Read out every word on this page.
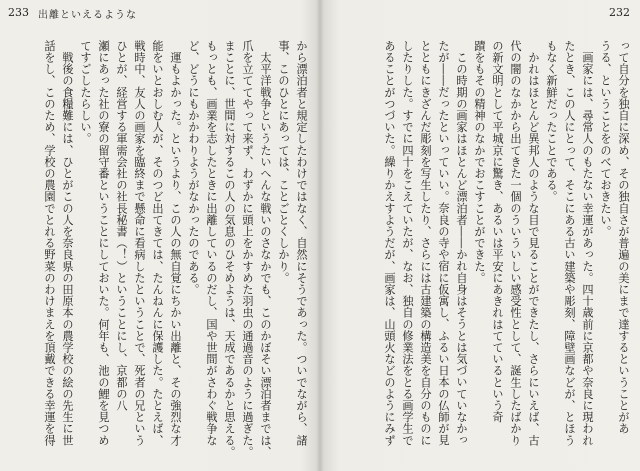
233 出離といえるような

から漂泊者と規定したわけではなく、自然にそうであった。ついでながら、諸

事、このひとにあっては、ことごとくしかり。

　太平洋戦争というたいへんな戦いのさなかでも、このかぼそい漂泊者までは、

爪を立ててやって来ず、わずかに頭上をかすめた羽虫の通過音のように過ぎた。

まことに、世間に対するこの人の気息のひそめようは、天成であるかと思える。

もっとも、画業を志したときに出離しているのだし、国や世間がさわぐ戦争な

ど、どうにもかかわりようがなかったのである。

　運もよかった。というより、この人の無自覚にちかい出離と、その強烈な才

能をいとおしむ人が、そのつど出てきては、たんねんに保護した。たとえば、

戦時中、友人の画家を臨終まで懸命に看病したということで、死者の兄という

ひとが、経営する軍需会社の社長秘書（！）ということにし、京都の八

瀬にあった社の寮の留守番ということにしておいた。何年も、池の鯉を見つめ

てすごしたらしい。

　戦後の食糧難には、ひとがこの人を奈良県の田原本の農学校の絵の先生に世

話をし、このため、学校の農園でとれる野菜のわけまえを頂戴できる幸運を得

232

って自分を独自に深め、その独自さが普遍の美にまで達するということがあ

うる、ということをのべておきたい。

　画家には、尋常人のもたない幸運があった。四十歳前に京都や奈良に現われ

たとき、この人にとって、そこにある古い建築や彫刻、障壁画などが、とほう

もなく新鮮だったことである。

　かれはほとんど異邦人のような目で見ることができたし、さらにいえば、古

代の闇のなかから出てきた一個のういういしい感受性として、誕生したばかり

の新文明として平城京に驚き、あるいは平安にあきれはてているという奇

蹟をもその精神のなかでおこすことができた。

　この時期の画家はほとんど漂泊者――かれ自身はそうとは気づいていなかっ

たが――だったといっていい。奈良の寺や宿に仮寓し、ふるい日本の仏師が見

とともにきざんだ彫刻を写生したり、さらには古建築の構造美を自分のものに

したりした。すでに四十をこえていたが、なお、独自の修業法をとる画学生で

あることがつづいた。繰りかえすようだが、画家は、山頭火などのようにみず
